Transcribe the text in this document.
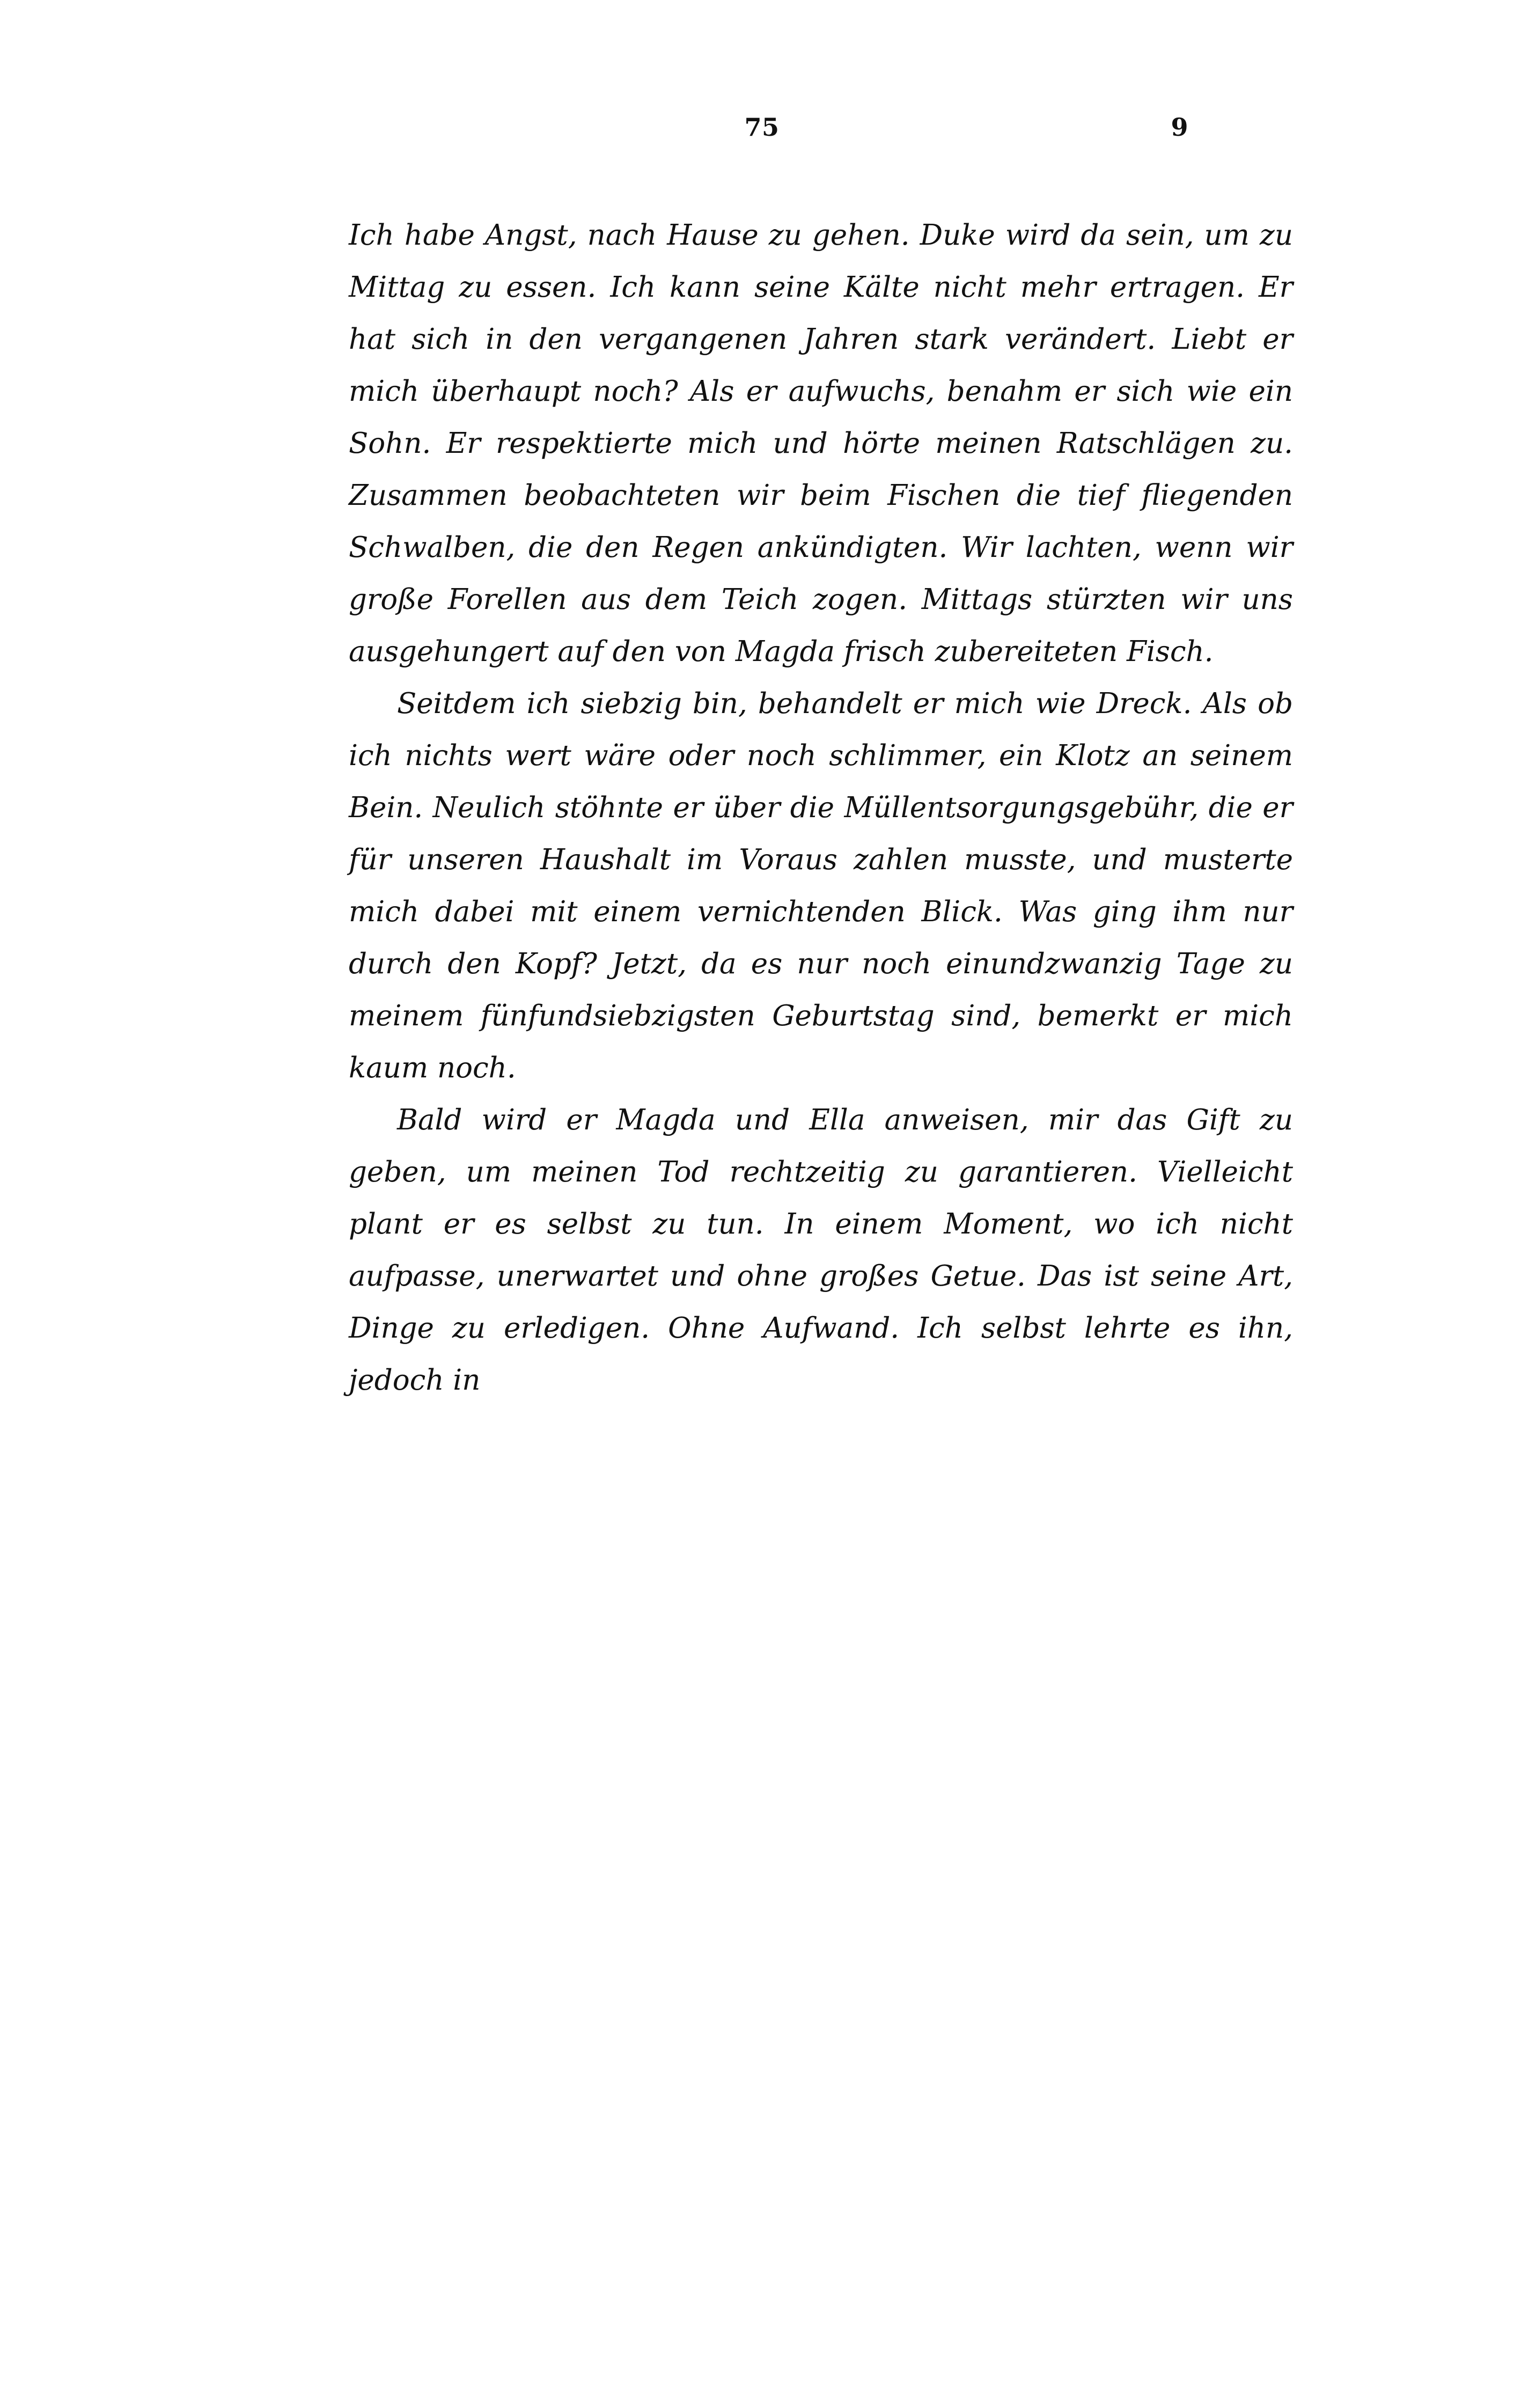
75	9

Ich habe Angst, nach Hause zu gehen. Duke wird da sein, um zu Mittag zu essen. Ich kann seine Kälte nicht mehr ertragen. Er hat sich in den vergangenen Jahren stark verändert. Liebt er mich überhaupt noch? Als er aufwuchs, benahm er sich wie ein Sohn. Er respektierte mich und hörte meinen Ratschlägen zu. Zusammen beobachteten wir beim Fischen die tief fliegenden Schwalben, die den Regen ankündigten. Wir lachten, wenn wir große Forellen aus dem Teich zogen. Mittags stürzten wir uns ausgehungert auf den von Magda frisch zubereiteten Fisch.

Seitdem ich siebzig bin, behandelt er mich wie Dreck. Als ob ich nichts wert wäre oder noch schlimmer, ein Klotz an seinem Bein. Neulich stöhnte er über die Müllentsorgungsgebühr, die er für unseren Haushalt im Voraus zahlen musste, und musterte mich dabei mit einem vernichtenden Blick. Was ging ihm nur durch den Kopf? Jetzt, da es nur noch einundzwanzig Tage zu meinem fünfundsiebzigsten Geburtstag sind, bemerkt er mich kaum noch.

Bald wird er Magda und Ella anweisen, mir das Gift zu geben, um meinen Tod rechtzeitig zu garantieren. Vielleicht plant er es selbst zu tun. In einem Moment, wo ich nicht aufpasse, unerwartet und ohne großes Getue. Das ist seine Art, Dinge zu erledigen. Ohne Aufwand. Ich selbst lehrte es ihn, jedoch in
